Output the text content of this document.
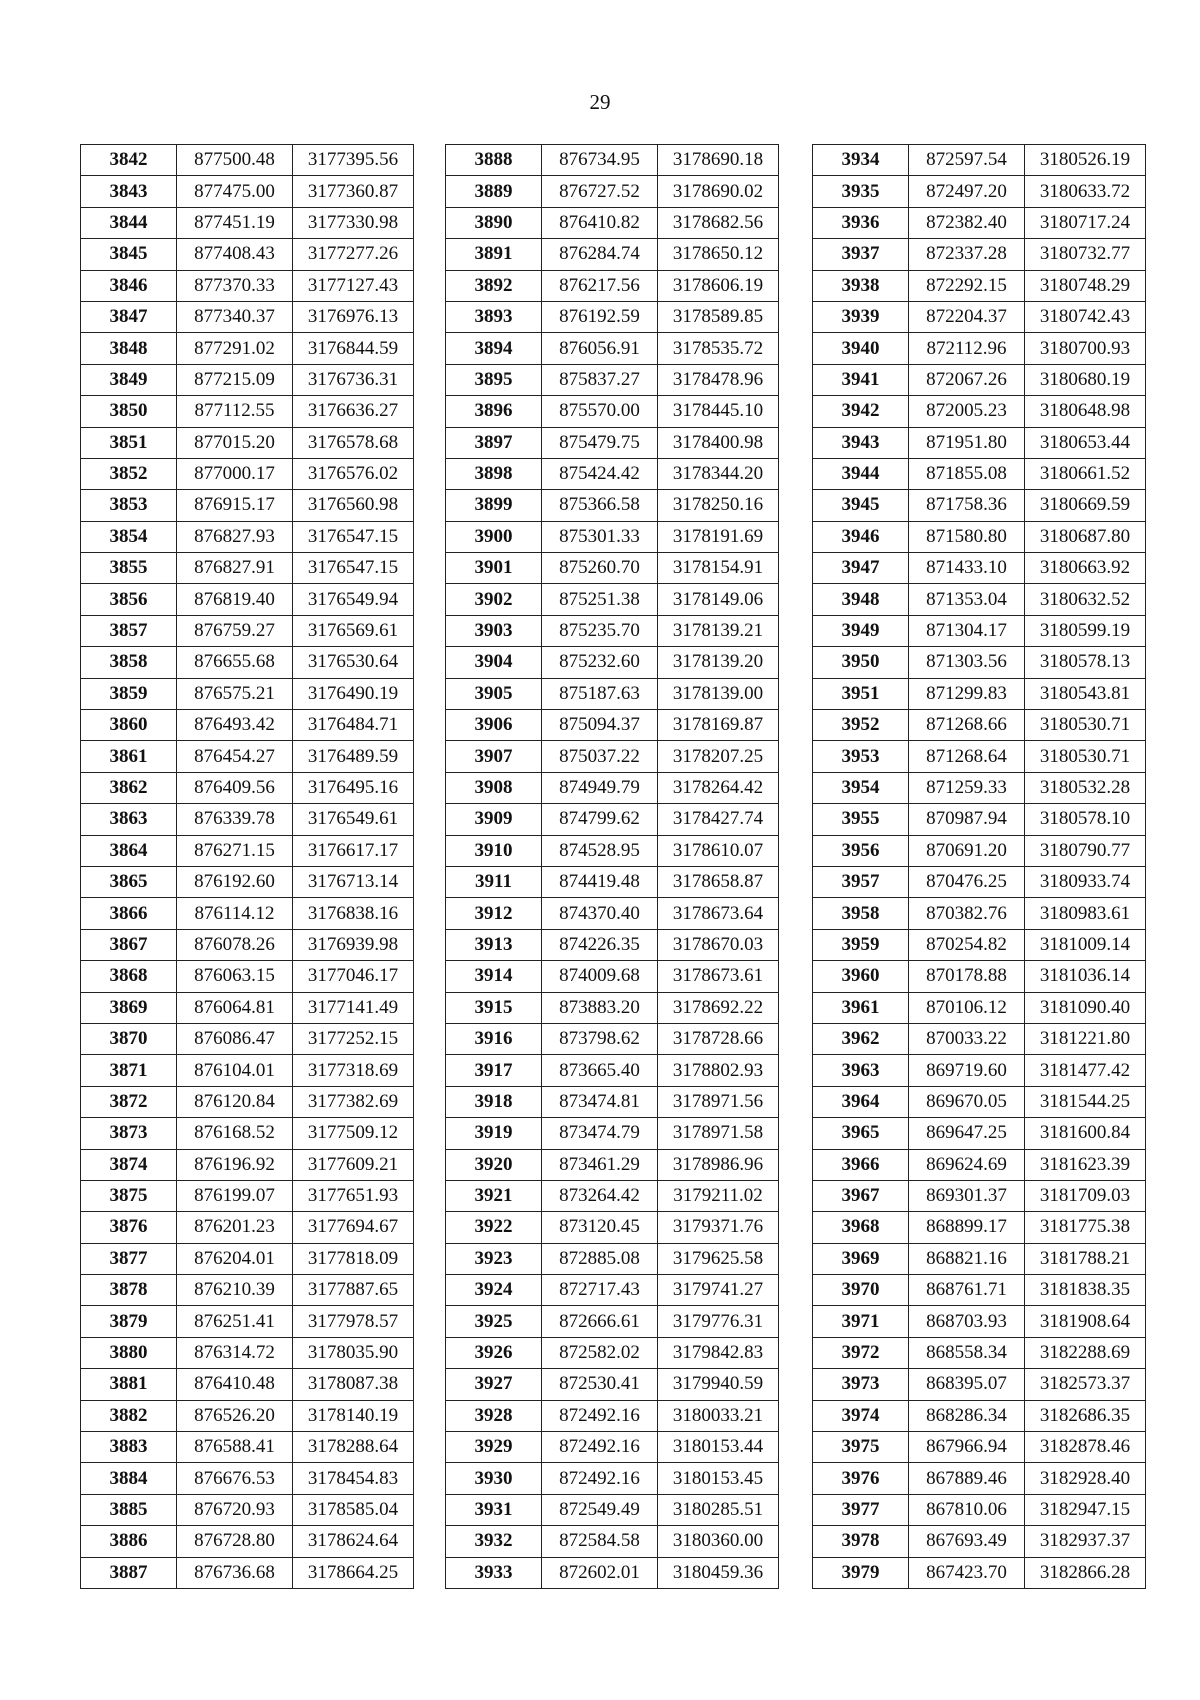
29
3842	877500.48	3177395.56
3843	877475.00	3177360.87
3844	877451.19	3177330.98
3845	877408.43	3177277.26
3846	877370.33	3177127.43
3847	877340.37	3176976.13
3848	877291.02	3176844.59
3849	877215.09	3176736.31
3850	877112.55	3176636.27
3851	877015.20	3176578.68
3852	877000.17	3176576.02
3853	876915.17	3176560.98
3854	876827.93	3176547.15
3855	876827.91	3176547.15
3856	876819.40	3176549.94
3857	876759.27	3176569.61
3858	876655.68	3176530.64
3859	876575.21	3176490.19
3860	876493.42	3176484.71
3861	876454.27	3176489.59
3862	876409.56	3176495.16
3863	876339.78	3176549.61
3864	876271.15	3176617.17
3865	876192.60	3176713.14
3866	876114.12	3176838.16
3867	876078.26	3176939.98
3868	876063.15	3177046.17
3869	876064.81	3177141.49
3870	876086.47	3177252.15
3871	876104.01	3177318.69
3872	876120.84	3177382.69
3873	876168.52	3177509.12
3874	876196.92	3177609.21
3875	876199.07	3177651.93
3876	876201.23	3177694.67
3877	876204.01	3177818.09
3878	876210.39	3177887.65
3879	876251.41	3177978.57
3880	876314.72	3178035.90
3881	876410.48	3178087.38
3882	876526.20	3178140.19
3883	876588.41	3178288.64
3884	876676.53	3178454.83
3885	876720.93	3178585.04
3886	876728.80	3178624.64
3887	876736.68	3178664.25
3888	876734.95	3178690.18
3889	876727.52	3178690.02
3890	876410.82	3178682.56
3891	876284.74	3178650.12
3892	876217.56	3178606.19
3893	876192.59	3178589.85
3894	876056.91	3178535.72
3895	875837.27	3178478.96
3896	875570.00	3178445.10
3897	875479.75	3178400.98
3898	875424.42	3178344.20
3899	875366.58	3178250.16
3900	875301.33	3178191.69
3901	875260.70	3178154.91
3902	875251.38	3178149.06
3903	875235.70	3178139.21
3904	875232.60	3178139.20
3905	875187.63	3178139.00
3906	875094.37	3178169.87
3907	875037.22	3178207.25
3908	874949.79	3178264.42
3909	874799.62	3178427.74
3910	874528.95	3178610.07
3911	874419.48	3178658.87
3912	874370.40	3178673.64
3913	874226.35	3178670.03
3914	874009.68	3178673.61
3915	873883.20	3178692.22
3916	873798.62	3178728.66
3917	873665.40	3178802.93
3918	873474.81	3178971.56
3919	873474.79	3178971.58
3920	873461.29	3178986.96
3921	873264.42	3179211.02
3922	873120.45	3179371.76
3923	872885.08	3179625.58
3924	872717.43	3179741.27
3925	872666.61	3179776.31
3926	872582.02	3179842.83
3927	872530.41	3179940.59
3928	872492.16	3180033.21
3929	872492.16	3180153.44
3930	872492.16	3180153.45
3931	872549.49	3180285.51
3932	872584.58	3180360.00
3933	872602.01	3180459.36
3934	872597.54	3180526.19
3935	872497.20	3180633.72
3936	872382.40	3180717.24
3937	872337.28	3180732.77
3938	872292.15	3180748.29
3939	872204.37	3180742.43
3940	872112.96	3180700.93
3941	872067.26	3180680.19
3942	872005.23	3180648.98
3943	871951.80	3180653.44
3944	871855.08	3180661.52
3945	871758.36	3180669.59
3946	871580.80	3180687.80
3947	871433.10	3180663.92
3948	871353.04	3180632.52
3949	871304.17	3180599.19
3950	871303.56	3180578.13
3951	871299.83	3180543.81
3952	871268.66	3180530.71
3953	871268.64	3180530.71
3954	871259.33	3180532.28
3955	870987.94	3180578.10
3956	870691.20	3180790.77
3957	870476.25	3180933.74
3958	870382.76	3180983.61
3959	870254.82	3181009.14
3960	870178.88	3181036.14
3961	870106.12	3181090.40
3962	870033.22	3181221.80
3963	869719.60	3181477.42
3964	869670.05	3181544.25
3965	869647.25	3181600.84
3966	869624.69	3181623.39
3967	869301.37	3181709.03
3968	868899.17	3181775.38
3969	868821.16	3181788.21
3970	868761.71	3181838.35
3971	868703.93	3181908.64
3972	868558.34	3182288.69
3973	868395.07	3182573.37
3974	868286.34	3182686.35
3975	867966.94	3182878.46
3976	867889.46	3182928.40
3977	867810.06	3182947.15
3978	867693.49	3182937.37
3979	867423.70	3182866.28
